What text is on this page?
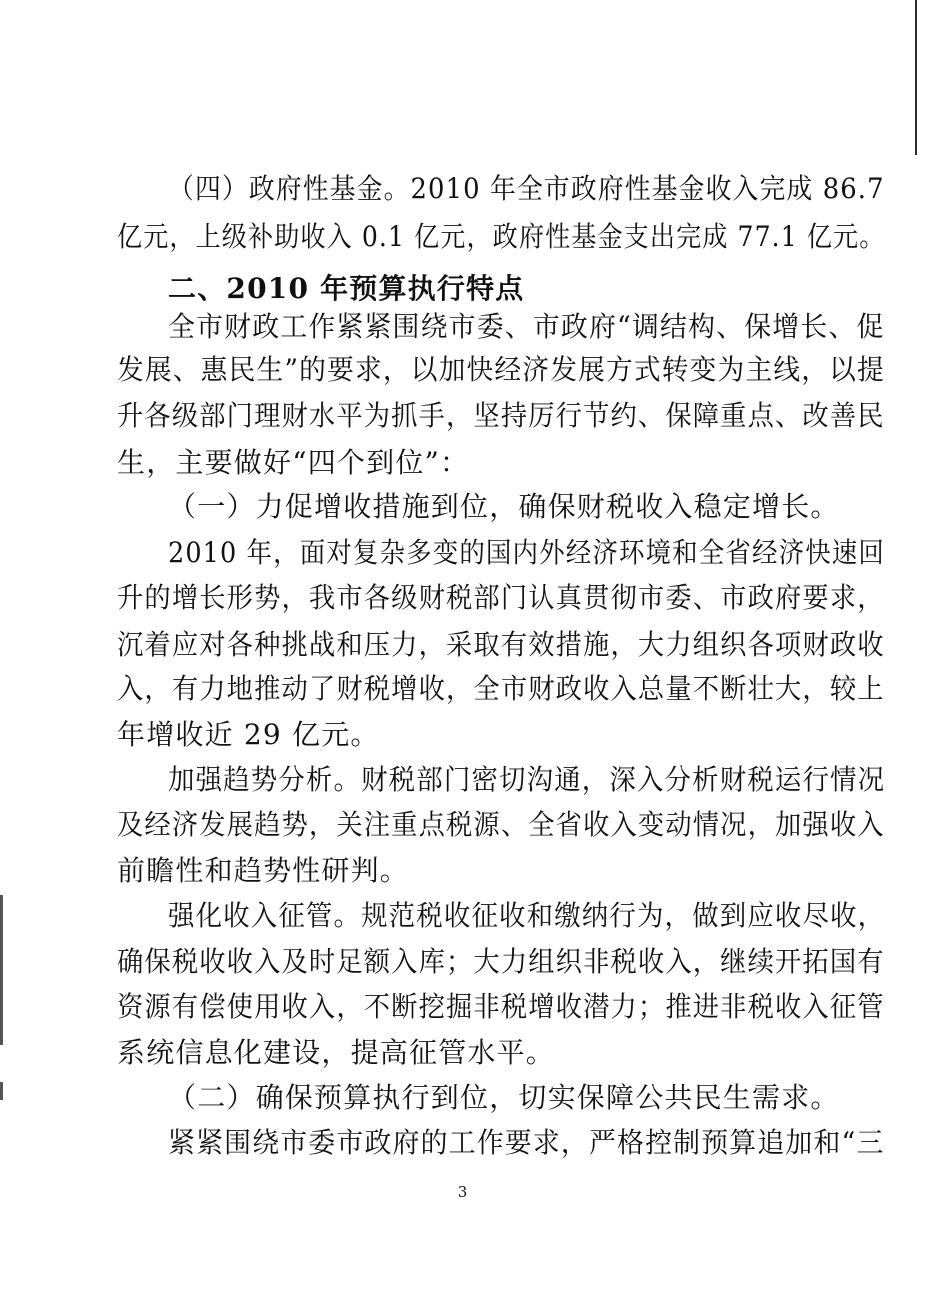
（四）政府性基金。2010 年全市政府性基金收入完成 86.7
亿元，上级补助收入 0.1 亿元，政府性基金支出完成 77.1 亿元。
二、2010 年预算执行特点
全市财政工作紧紧围绕市委、市政府“调结构、保增长、促
发展、惠民生”的要求，以加快经济发展方式转变为主线，以提
升各级部门理财水平为抓手，坚持厉行节约、保障重点、改善民
生，主要做好“四个到位”：
（一）力促增收措施到位，确保财税收入稳定增长。
2010 年，面对复杂多变的国内外经济环境和全省经济快速回
升的增长形势，我市各级财税部门认真贯彻市委、市政府要求，
沉着应对各种挑战和压力，采取有效措施，大力组织各项财政收
入，有力地推动了财税增收，全市财政收入总量不断壮大，较上
年增收近 29 亿元。
加强趋势分析。财税部门密切沟通，深入分析财税运行情况
及经济发展趋势，关注重点税源、全省收入变动情况，加强收入
前瞻性和趋势性研判。
强化收入征管。规范税收征收和缴纳行为，做到应收尽收，
确保税收收入及时足额入库；大力组织非税收入，继续开拓国有
资源有偿使用收入，不断挖掘非税增收潜力；推进非税收入征管
系统信息化建设，提高征管水平。
（二）确保预算执行到位，切实保障公共民生需求。
紧紧围绕市委市政府的工作要求，严格控制预算追加和“三
3
